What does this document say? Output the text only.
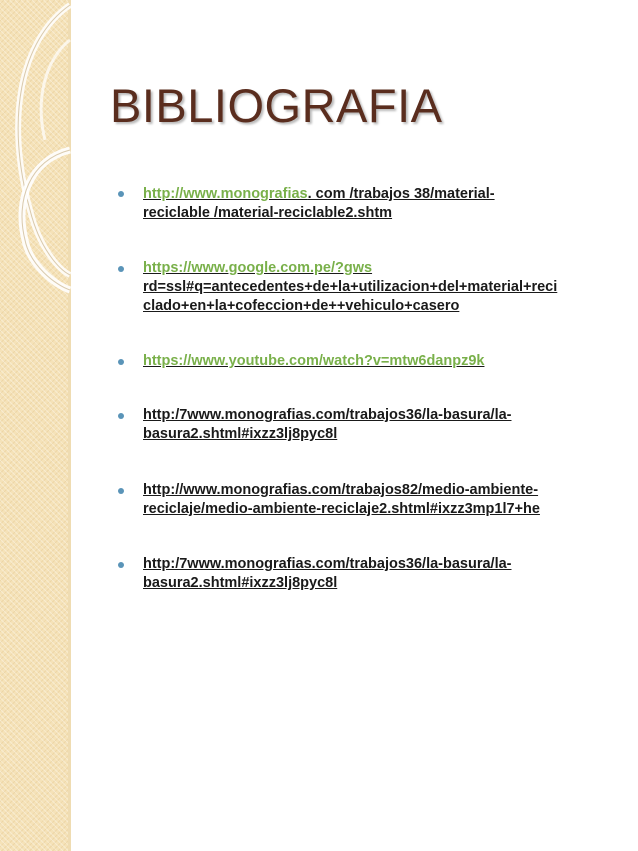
BIBLIOGRAFIA
http://www.monografias. com /trabajos 38/material-
reciclable /material-reciclable2.shtm
https://www.google.com.pe/?gws
rd=ssl#q=antecedentes+de+la+utilizacion+del+material+reci
clado+en+la+cofeccion+de++vehiculo+casero
https://www.youtube.com/watch?v=mtw6danpz9k
http:/7www.monografias.com/trabajos36/la-basura/la-
basura2.shtml#ixzz3lj8pyc8l
http://www.monografias.com/trabajos82/medio-ambiente-
reciclaje/medio-ambiente-reciclaje2.shtml#ixzz3mp1l7+he
http:/7www.monografias.com/trabajos36/la-basura/la-
basura2.shtml#ixzz3lj8pyc8l
